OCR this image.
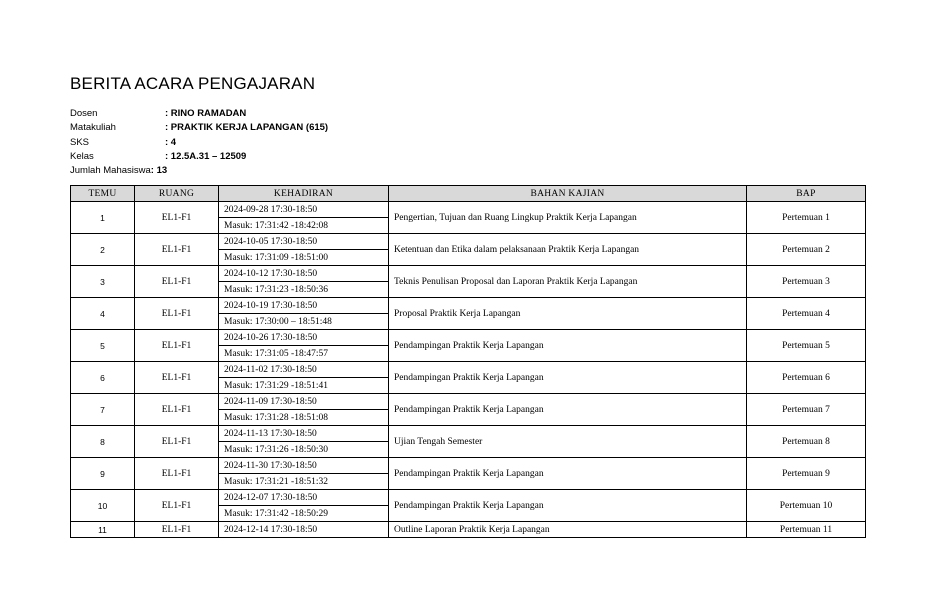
BERITA ACARA PENGAJARAN
Dosen	: RINO RAMADAN
Matakuliah	: PRAKTIK KERJA LAPANGAN (615)
SKS	: 4
Kelas	: 12.5A.31 – 12509
Jumlah Mahasiswa : 13
TEMU	RUANG	KEHADIRAN	BAHAN KAJIAN	BAP
1	EL1-F1	2024-09-28 17:30-18:50	Pengertian, Tujuan dan Ruang Lingkup Praktik Kerja Lapangan	Pertemuan 1
		Masuk: 17:31:42 -18:42:08		
2	EL1-F1	2024-10-05 17:30-18:50	Ketentuan dan Etika dalam pelaksanaan Praktik Kerja Lapangan	Pertemuan 2
		Masuk: 17:31:09 -18:51:00		
3	EL1-F1	2024-10-12 17:30-18:50	Teknis Penulisan Proposal dan Laporan Praktik Kerja Lapangan	Pertemuan 3
		Masuk: 17:31:23 -18:50:36		
4	EL1-F1	2024-10-19 17:30-18:50	Proposal Praktik Kerja Lapangan	Pertemuan 4
		Masuk: 17:30:00 – 18:51:48		
5	EL1-F1	2024-10-26 17:30-18:50	Pendampingan Praktik Kerja Lapangan	Pertemuan 5
		Masuk: 17:31:05 -18:47:57		
6	EL1-F1	2024-11-02 17:30-18:50	Pendampingan Praktik Kerja Lapangan	Pertemuan 6
		Masuk: 17:31:29 -18:51:41		
7	EL1-F1	2024-11-09 17:30-18:50	Pendampingan Praktik Kerja Lapangan	Pertemuan 7
		Masuk: 17:31:28 -18:51:08		
8	EL1-F1	2024-11-13 17:30-18:50	Ujian Tengah Semester	Pertemuan 8
		Masuk: 17:31:26 -18:50:30		
9	EL1-F1	2024-11-30 17:30-18:50	Pendampingan Praktik Kerja Lapangan	Pertemuan 9
		Masuk: 17:31:21 -18:51:32		
10	EL1-F1	2024-12-07 17:30-18:50	Pendampingan Praktik Kerja Lapangan	Pertemuan 10
		Masuk: 17:31:42 -18:50:29		
11	EL1-F1	2024-12-14 17:30-18:50	Outline Laporan Praktik Kerja Lapangan	Pertemuan 11
